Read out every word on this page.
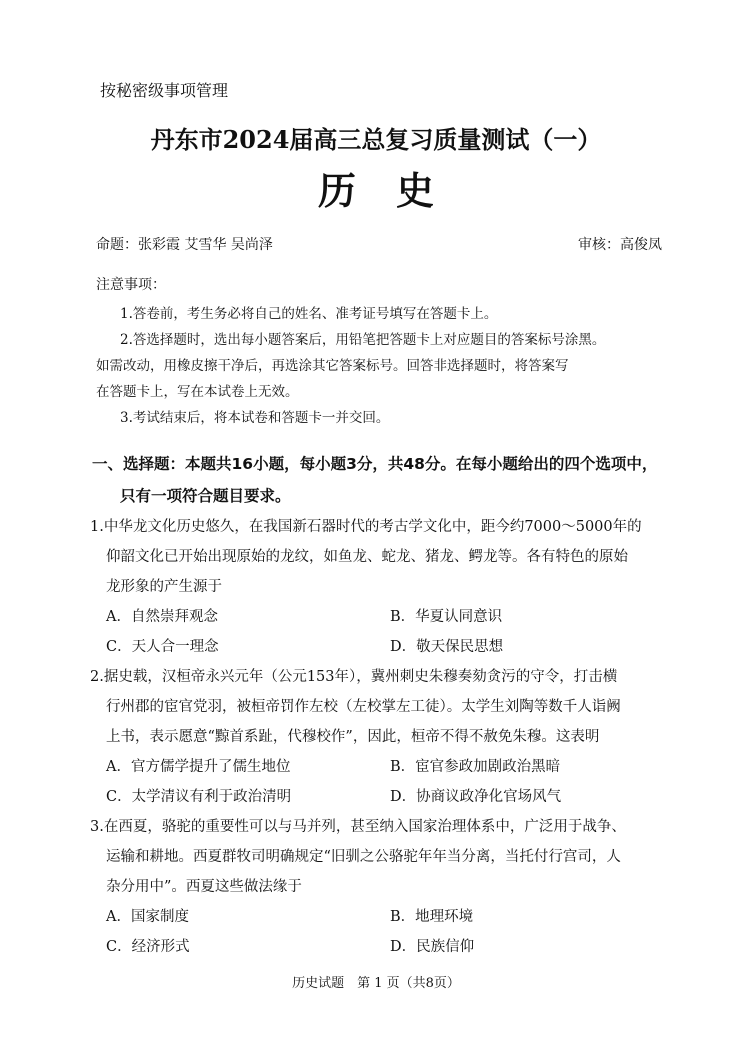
按秘密级事项管理
丹东市2024届高三总复习质量测试（一）
历史
命题：张彩霞 艾雪华 吴尚泽	审核：高俊凤
注意事项：
1.答卷前，考生务必将自己的姓名、准考证号填写在答题卡上。
2.答选择题时，选出每小题答案后，用铅笔把答题卡上对应题目的答案标号涂黑。
如需改动，用橡皮擦干净后，再选涂其它答案标号。回答非选择题时，将答案写
在答题卡上，写在本试卷上无效。
3.考试结束后，将本试卷和答题卡一并交回。
一、选择题：本题共16小题，每小题3分，共48分。在每小题给出的四个选项中，
只有一项符合题目要求。
1.中华龙文化历史悠久，在我国新石器时代的考古学文化中，距今约7000～5000年的
仰韶文化已开始出现原始的龙纹，如鱼龙、蛇龙、猪龙、鳄龙等。各有特色的原始
龙形象的产生源于
A．自然崇拜观念	B．华夏认同意识
C．天人合一理念	D．敬天保民思想
2.据史载，汉桓帝永兴元年（公元153年），冀州刺史朱穆奏劾贪污的守令，打击横
行州郡的宦官党羽，被桓帝罚作左校（左校掌左工徒）。太学生刘陶等数千人诣阙
上书，表示愿意“黥首系趾，代穆校作”，因此，桓帝不得不赦免朱穆。这表明
A．官方儒学提升了儒生地位	B．宦官参政加剧政治黑暗
C．太学清议有利于政治清明	D．协商议政净化官场风气
3.在西夏，骆驼的重要性可以与马并列，甚至纳入国家治理体系中，广泛用于战争、
运输和耕地。西夏群牧司明确规定“旧驯之公骆驼年年当分离，当托付行宫司，人
杂分用中”。西夏这些做法缘于
A．国家制度	B．地理环境
C．经济形式	D．民族信仰
历史试题　第 1 页（共8页）
